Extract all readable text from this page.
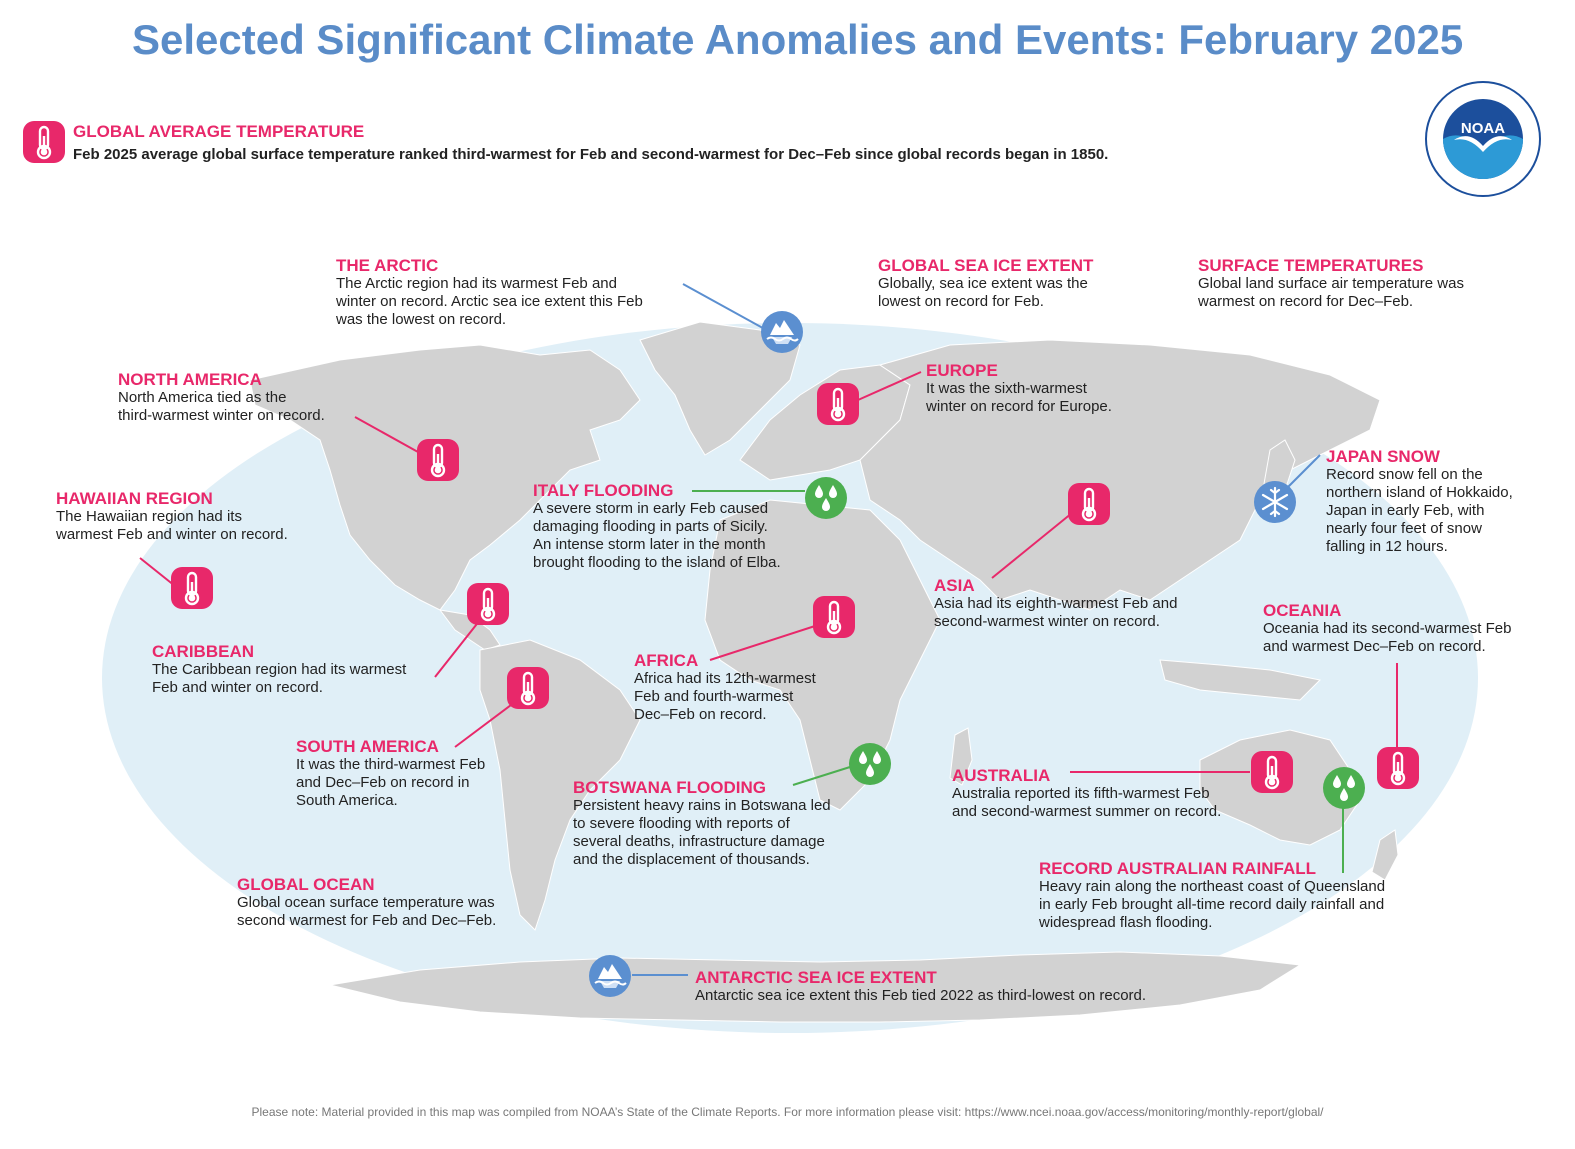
Selected Significant Climate Anomalies and Events: February 2025
GLOBAL AVERAGE TEMPERATURE
Feb 2025 average global surface temperature ranked third-warmest for Feb and second-warmest for Dec–Feb since global records began in 1850.
NOAA
THE ARCTIC

The Arctic region had its warmest Feb and
winter on record. Arctic sea ice extent this Feb
was the lowest on record.

GLOBAL SEA ICE EXTENT

Globally, sea ice extent was the
lowest on record for Feb.

SURFACE TEMPERATURES

Global land surface air temperature was
warmest on record for Dec–Feb.

NORTH AMERICA

North America tied as the
third-warmest winter on record.

EUROPE

It was the sixth-warmest
winter on record for Europe.

JAPAN SNOW

Record snow fell on the
northern island of Hokkaido,
Japan in early Feb, with
nearly four feet of snow
falling in 12 hours.

HAWAIIAN REGION

The Hawaiian region had its
warmest Feb and winter on record.

ITALY FLOODING

A severe storm in early Feb caused
damaging flooding in parts of Sicily.
An intense storm later in the month
brought flooding to the island of Elba.

ASIA

Asia had its eighth-warmest Feb and
second-warmest winter on record.

OCEANIA

Oceania had its second-warmest Feb
and warmest Dec–Feb on record.

CARIBBEAN

The Caribbean region had its warmest
Feb and winter on record.

AFRICA

Africa had its 12th-warmest
Feb and fourth-warmest
Dec–Feb on record.

SOUTH AMERICA

It was the third-warmest Feb
and Dec–Feb on record in
South America.

BOTSWANA FLOODING

Persistent heavy rains in Botswana led
to severe flooding with reports of
several deaths, infrastructure damage
and the displacement of thousands.

AUSTRALIA

Australia reported its fifth-warmest Feb
and second-warmest summer on record.

RECORD AUSTRALIAN RAINFALL

Heavy rain along the northeast coast of Queensland
in early Feb brought all-time record daily rainfall and
widespread flash flooding.

GLOBAL OCEAN

Global ocean surface temperature was
second warmest for Feb and Dec–Feb.

ANTARCTIC SEA ICE EXTENT

Antarctic sea ice extent this Feb tied 2022 as third-lowest on record.

Please note: Material provided in this map was compiled from NOAA’s State of the Climate Reports. For more information please visit: https://www.ncei.noaa.gov/access/monitoring/monthly-report/global/
